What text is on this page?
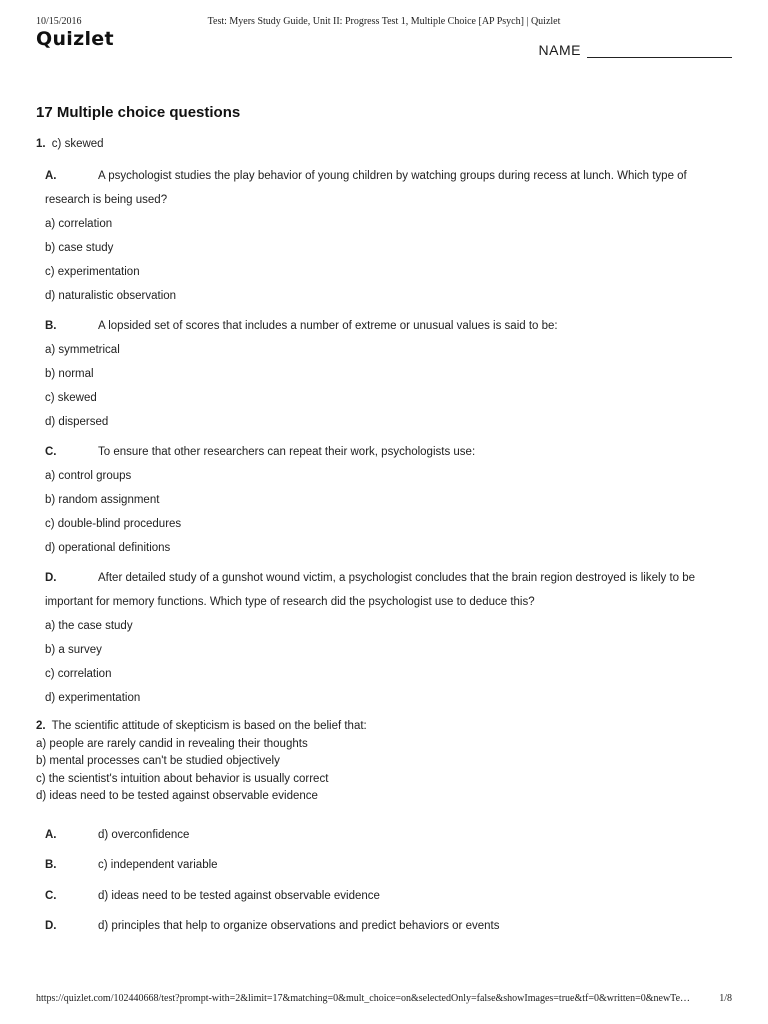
10/15/2016	Test: Myers Study Guide, Unit II: Progress Test 1, Multiple Choice [AP Psych] | Quizlet
Quizlet	NAME
17 Multiple choice questions
1. c) skewed
A.	A psychologist studies the play behavior of young children by watching groups during recess at lunch. Which type of research is being used?
a) correlation
b) case study
c) experimentation
d) naturalistic observation
B.	A lopsided set of scores that includes a number of extreme or unusual values is said to be:
a) symmetrical
b) normal
c) skewed
d) dispersed
C.	To ensure that other researchers can repeat their work, psychologists use:
a) control groups
b) random assignment
c) double-blind procedures
d) operational definitions
D.	After detailed study of a gunshot wound victim, a psychologist concludes that the brain region destroyed is likely to be important for memory functions. Which type of research did the psychologist use to deduce this?
a) the case study
b) a survey
c) correlation
d) experimentation
2. The scientific attitude of skepticism is based on the belief that:
a) people are rarely candid in revealing their thoughts
b) mental processes can't be studied objectively
c) the scientist's intuition about behavior is usually correct
d) ideas need to be tested against observable evidence
A.	d) overconfidence
B.	c) independent variable
C.	d) ideas need to be tested against observable evidence
D.	d) principles that help to organize observations and predict behaviors or events
https://quizlet.com/102440668/test?prompt-with=2&limit=17&matching=0&mult_choice=on&selectedOnly=false&showImages=true&tf=0&written=0&newTe…	1/8
